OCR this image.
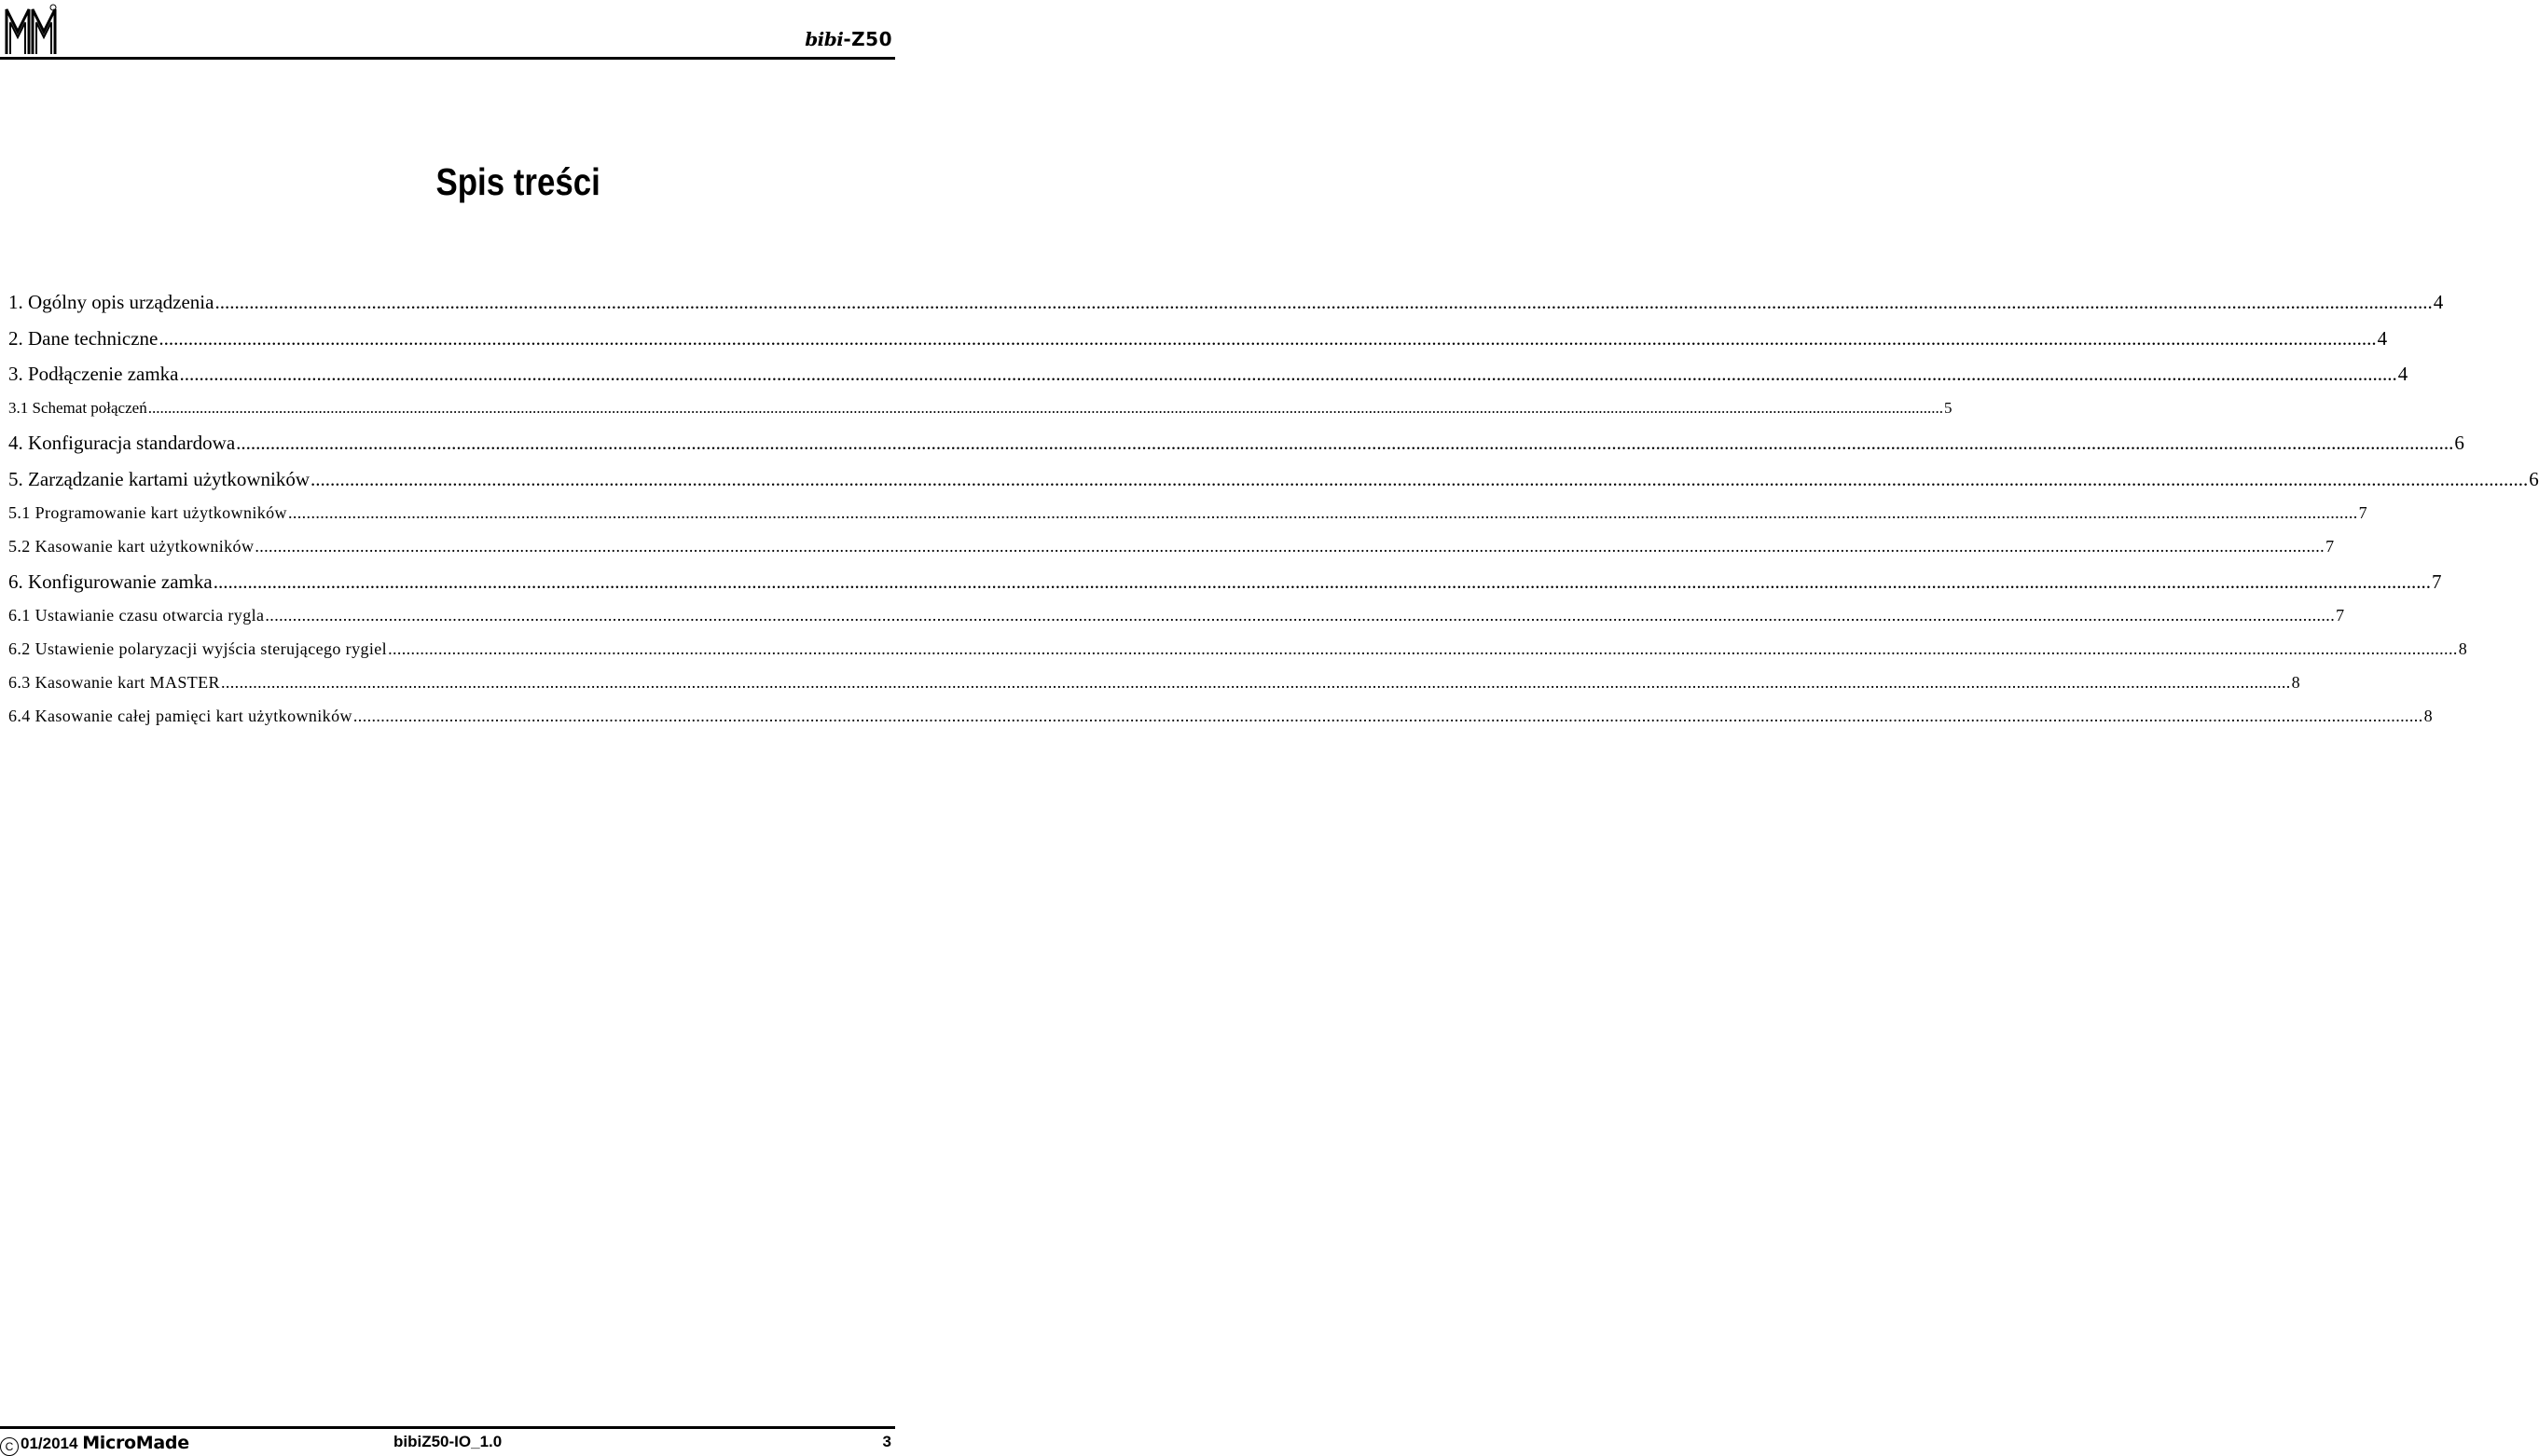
bibi-Z50
Spis treści
1. Ogólny opis urządzenia .....	4
2. Dane techniczne .....	4
3. Podłączenie zamka .....	4
3.1 Schemat połączeń .....	5
4. Konfiguracja standardowa .....	6
5. Zarządzanie kartami użytkowników .....	6
5.1 Programowanie kart użytkowników .....	7
5.2 Kasowanie kart użytkowników .....	7
6. Konfigurowanie zamka .....	7
6.1 Ustawianie czasu otwarcia rygla .....	7
6.2 Ustawienie polaryzacji wyjścia sterującego rygiel .....	8
6.3 Kasowanie kart MASTER .....	8
6.4 Kasowanie całej pamięci kart użytkowników .....	8
C 01/2014 MicroMade	bibiZ50-IO_1.0	3
